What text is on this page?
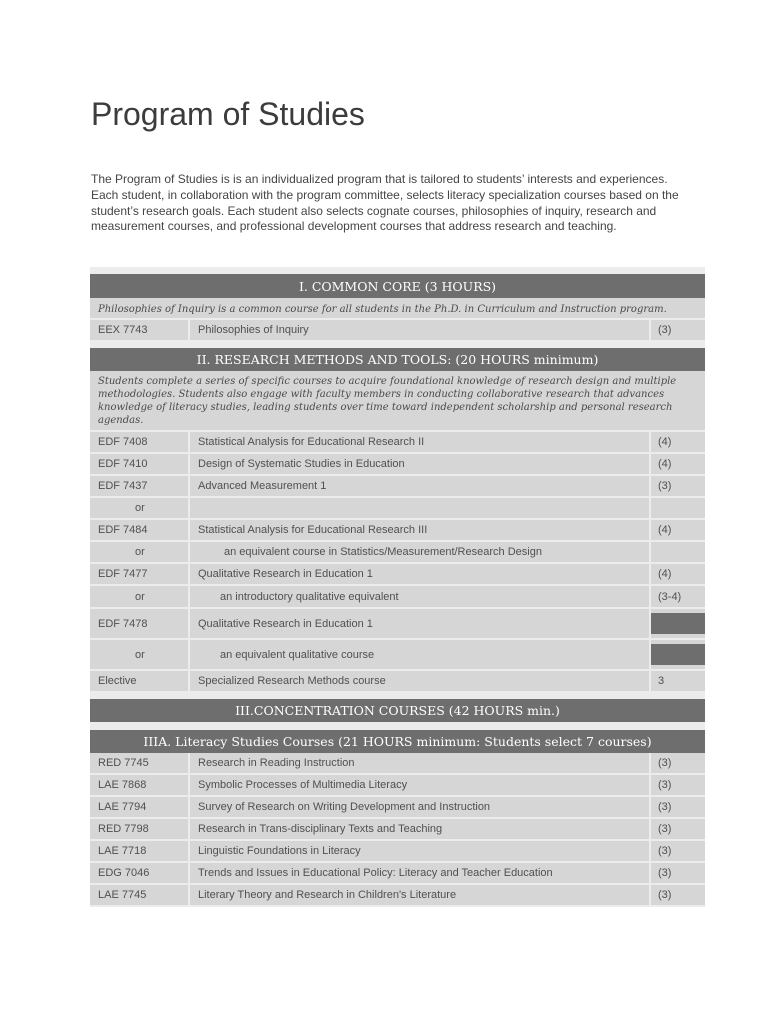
Program of Studies

The Program of Studies is is an individualized program that is tailored to students’ interests and experiences. Each student, in collaboration with the program committee, selects literacy specialization courses based on the student’s research goals. Each student also selects cognate courses, philosophies of inquiry, research and measurement courses, and professional development courses that address research and teaching.

I. COMMON CORE (3 HOURS)
Philosophies of Inquiry is a common course for all students in the Ph.D. in Curriculum and Instruction program.
EEX 7743	Philosophies of Inquiry	(3)
II. RESEARCH METHODS AND TOOLS: (20 HOURS minimum)
Students complete a series of specific courses to acquire foundational knowledge of research design and multiple methodologies. Students also engage with faculty members in conducting collaborative research that advances knowledge of literacy studies, leading students over time toward independent scholarship and personal research agendas.
EDF 7408	Statistical Analysis for Educational Research II	(4)
EDF 7410	Design of Systematic Studies in Education	(4)
EDF 7437	Advanced Measurement 1	(3)
or
EDF 7484	Statistical Analysis for Educational Research III	(4)
or	an equivalent course in Statistics/Measurement/Research Design
EDF 7477	Qualitative Research in Education 1	(4)
or	an introductory qualitative equivalent	(3-4)
EDF 7478	Qualitative Research in Education 1
or	an equivalent qualitative course
Elective	Specialized Research Methods course	3
III.CONCENTRATION COURSES (42 HOURS min.)
IIIA. Literacy Studies Courses (21 HOURS minimum: Students select 7 courses)
RED 7745	Research in Reading Instruction	(3)
LAE 7868	Symbolic Processes of Multimedia Literacy	(3)
LAE 7794	Survey of Research on Writing Development and Instruction	(3)
RED 7798	Research in Trans-disciplinary Texts and Teaching	(3)
LAE 7718	Linguistic Foundations in Literacy	(3)
EDG 7046	Trends and Issues in Educational Policy: Literacy and Teacher Education	(3)
LAE 7745	Literary Theory and Research in Children's Literature	(3)
